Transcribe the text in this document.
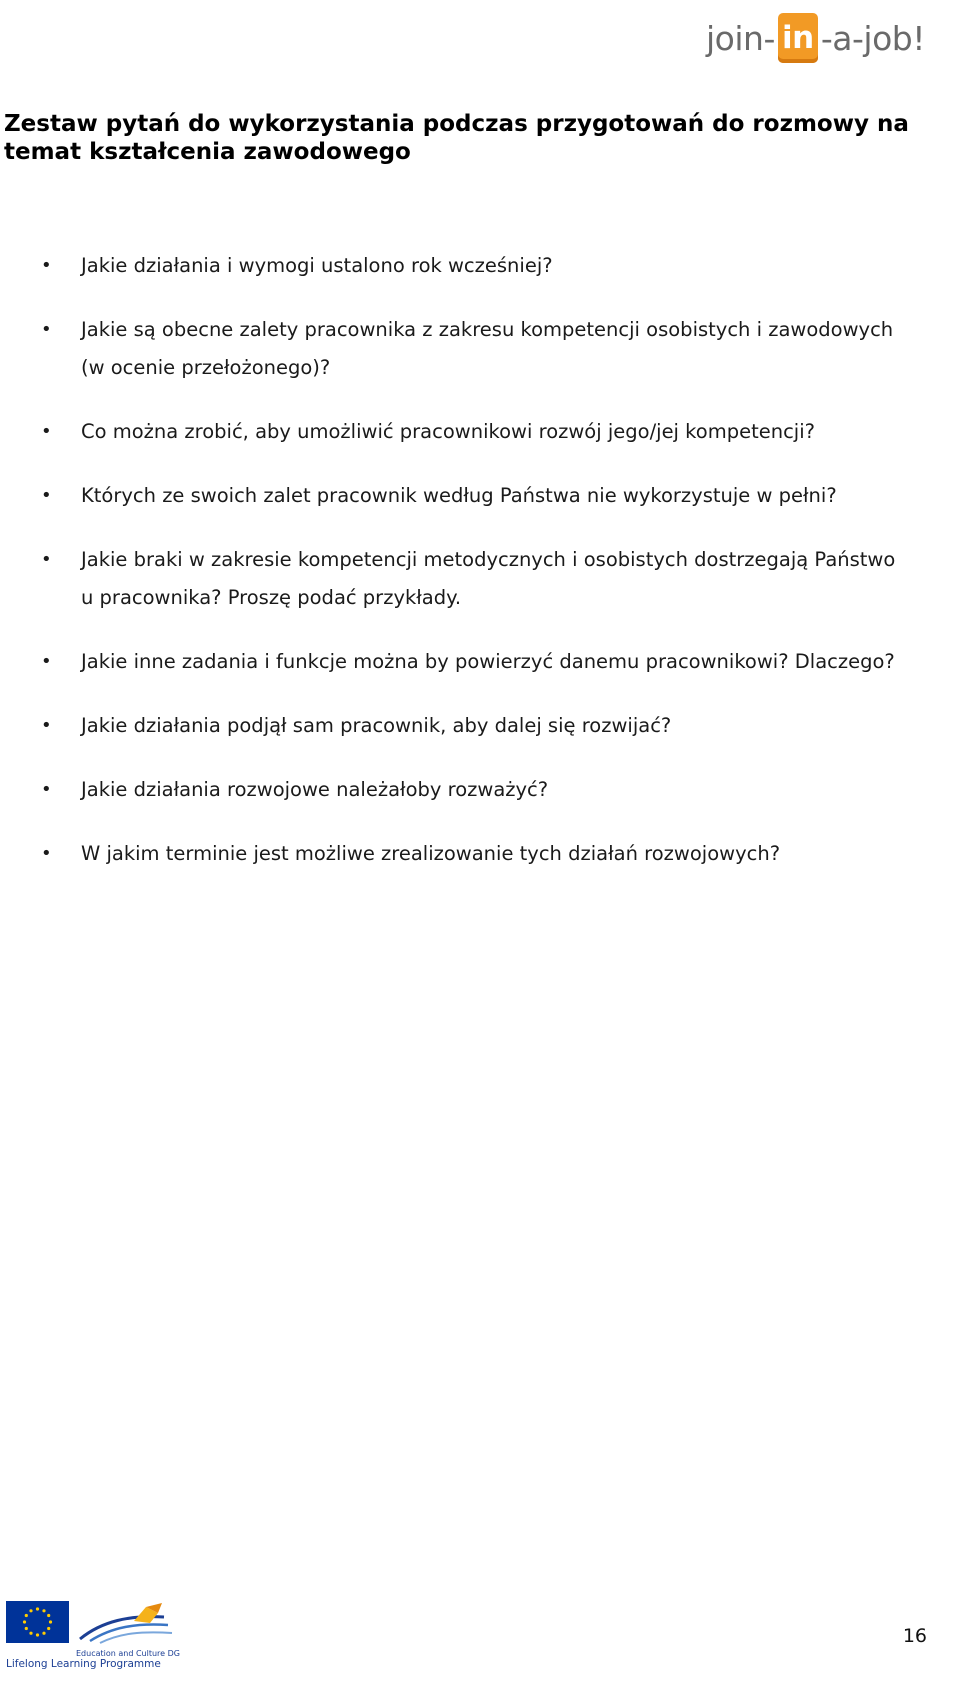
join- in -a-job!
Zestaw pytań do wykorzystania podczas przygotowań do rozmowy na temat kształcenia zawodowego
• Jakie działania i wymogi ustalono rok wcześniej?
• Jakie są obecne zalety pracownika z zakresu kompetencji osobistych i zawodowych (w ocenie przełożonego)?
• Co można zrobić, aby umożliwić pracownikowi rozwój jego/jej kompetencji?
• Których ze swoich zalet pracownik według Państwa nie wykorzystuje w pełni?
• Jakie braki w zakresie kompetencji metodycznych i osobistych dostrzegają Państwo u pracownika? Proszę podać przykłady.
• Jakie inne zadania i funkcje można by powierzyć danemu pracownikowi? Dlaczego?
• Jakie działania podjął sam pracownik, aby dalej się rozwijać?
• Jakie działania rozwojowe należałoby rozważyć?
• W jakim terminie jest możliwe zrealizowanie tych działań rozwojowych?
Education and Culture DG
Lifelong Learning Programme
16
